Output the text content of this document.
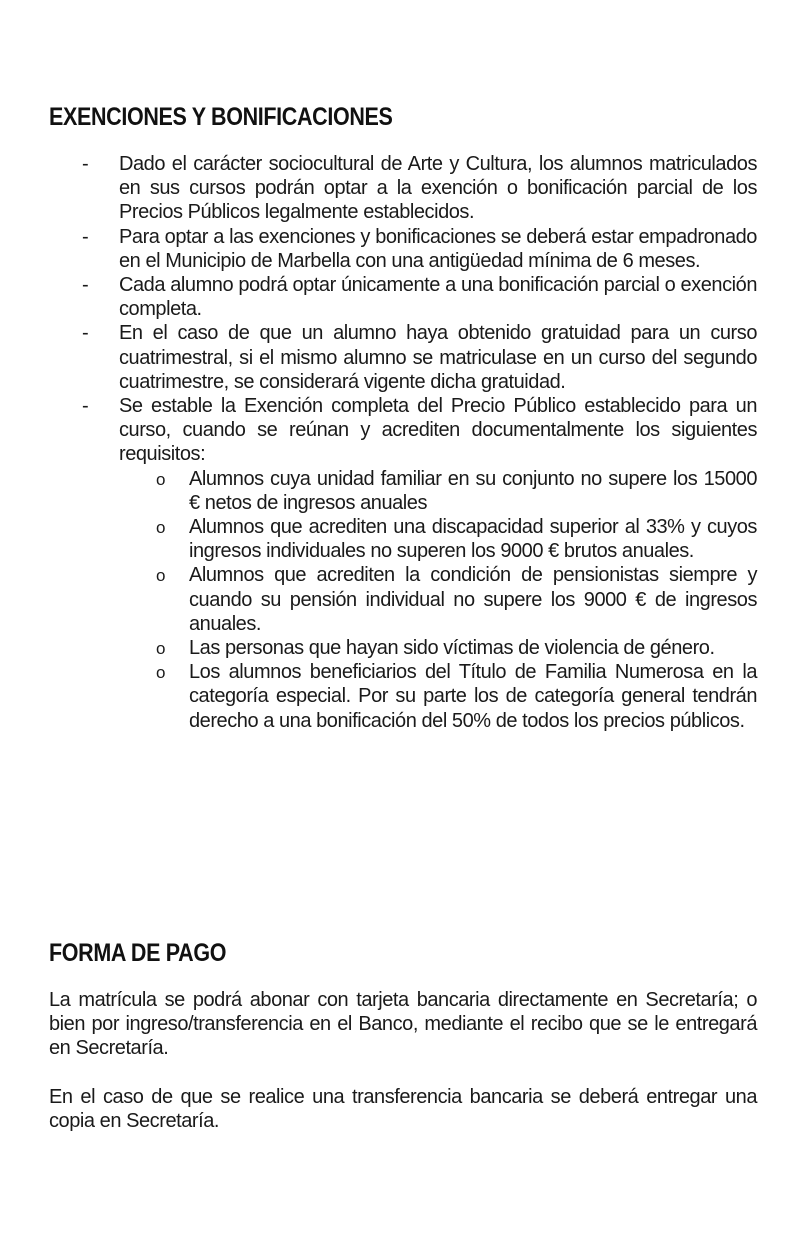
EXENCIONES Y BONIFICACIONES
- Dado el carácter sociocultural de Arte y Cultura, los alumnos matriculados en sus cursos podrán optar a la exención o bonificación parcial de los Precios Públicos legalmente establecidos.
- Para optar a las exenciones y bonificaciones se deberá estar empadronado en el Municipio de Marbella con una antigüedad mínima de 6 meses.
- Cada alumno podrá optar únicamente a una bonificación parcial o exención completa.
- En el caso de que un alumno haya obtenido gratuidad para un curso cuatrimestral, si el mismo alumno se matriculase en un curso del segundo cuatrimestre, se considerará vigente dicha gratuidad.
- Se estable la Exención completa del Precio Público establecido para un curso, cuando se reúnan y acrediten documentalmente los siguientes requisitos:
o Alumnos cuya unidad familiar en su conjunto no supere los 15000 € netos de ingresos anuales
o Alumnos que acrediten una discapacidad superior al 33% y cuyos ingresos individuales no superen los 9000 € brutos anuales.
o Alumnos que acrediten la condición de pensionistas siempre y cuando su pensión individual no supere los 9000 € de ingresos anuales.
o Las personas que hayan sido víctimas de violencia de género.
o Los alumnos beneficiarios del Título de Familia Numerosa en la categoría especial. Por su parte los de categoría general tendrán derecho a una bonificación del 50% de todos los precios públicos.
FORMA DE PAGO

La matrícula se podrá abonar con tarjeta bancaria directamente en Secretaría; o bien por ingreso/transferencia en el Banco, mediante el recibo que se le entregará en Secretaría.

En el caso de que se realice una transferencia bancaria se deberá entregar una copia en Secretaría.
